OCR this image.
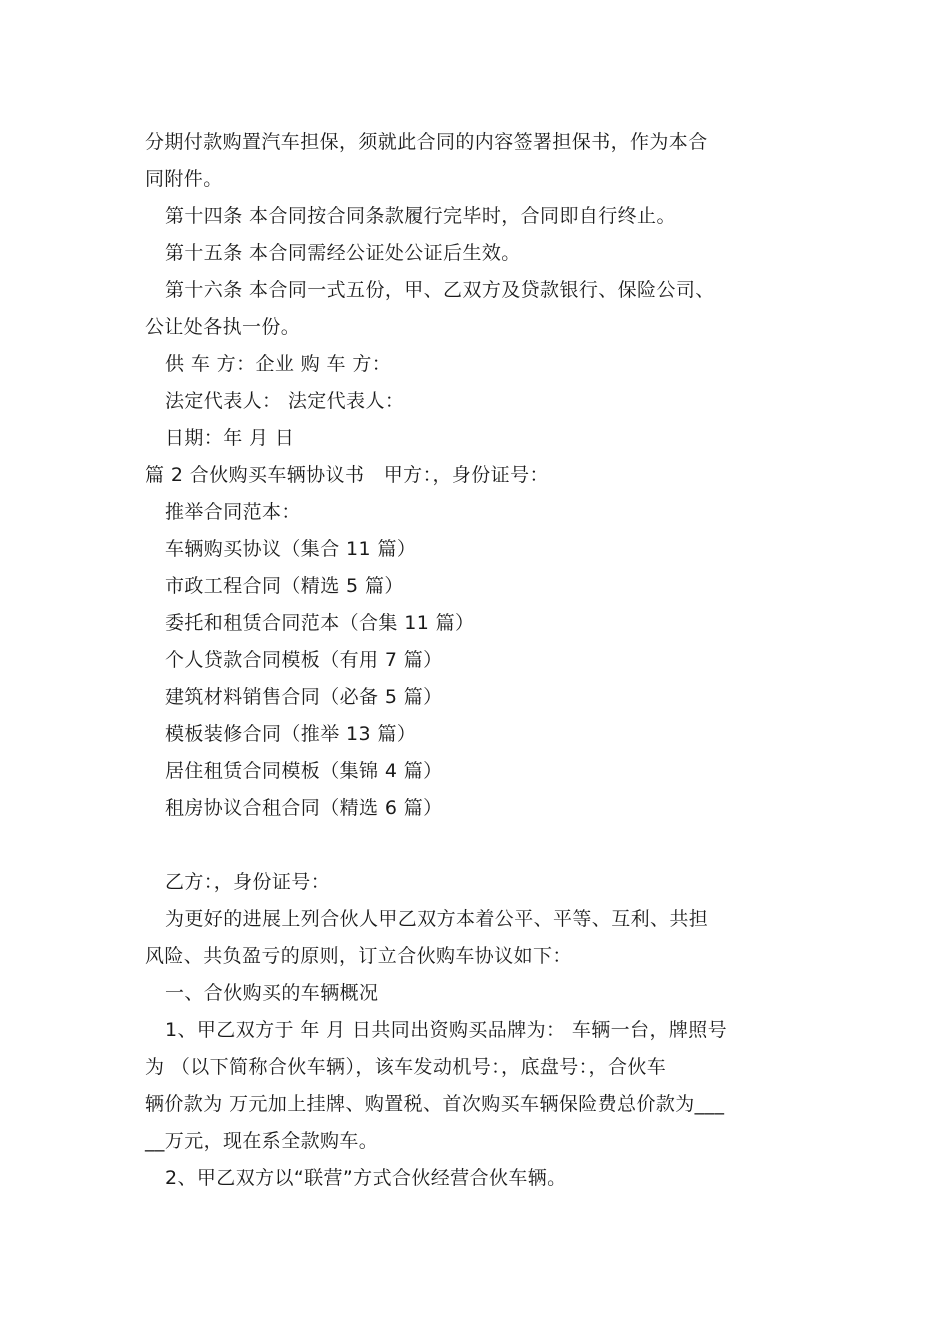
分期付款购置汽车担保，须就此合同的内容签署担保书，作为本合
同附件。
第十四条 本合同按合同条款履行完毕时，合同即自行终止。
第十五条 本合同需经公证处公证后生效。
第十六条 本合同一式五份，甲、乙双方及贷款银行、保险公司、
公让处各执一份。
供 车 方：企业 购 车 方：
法定代表人： 法定代表人：
日期：年 月 日
篇 2 合伙购买车辆协议书　甲方：，身份证号：
推举合同范本：
车辆购买协议（集合 11 篇）
市政工程合同（精选 5 篇）
委托和租赁合同范本（合集 11 篇）
个人贷款合同模板（有用 7 篇）
建筑材料销售合同（必备 5 篇）
模板装修合同（推举 13 篇）
居住租赁合同模板（集锦 4 篇）
租房协议合租合同（精选 6 篇）
乙方：，身份证号：
为更好的进展上列合伙人甲乙双方本着公平、平等、互利、共担
风险、共负盈亏的原则，订立合伙购车协议如下：
一、合伙购买的车辆概况
1、甲乙双方于 年 月 日共同出资购买品牌为： 车辆一台，牌照号
为 （以下简称合伙车辆），该车发动机号：，底盘号：，合伙车
辆价款为 万元加上挂牌、购置税、首次购买车辆保险费总价款为___
__万元，现在系全款购车。
2、甲乙双方以“联营”方式合伙经营合伙车辆。
